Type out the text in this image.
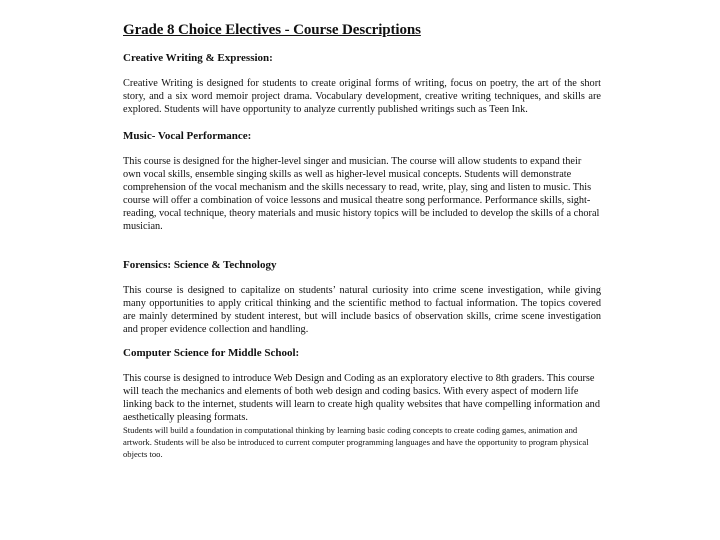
Grade 8 Choice Electives - Course Descriptions
Creative Writing & Expression:

Creative Writing is designed for students to create original forms of writing, focus on poetry, the art of the short story, and a six word memoir project drama. Vocabulary development, creative writing techniques, and skills are explored. Students will have opportunity to analyze currently published writings such as Teen Ink.

Music- Vocal Performance:

This course is designed for the higher-level singer and musician. The course will allow students to expand their own vocal skills, ensemble singing skills as well as higher-level musical concepts. Students will demonstrate comprehension of the vocal mechanism and the skills necessary to read, write, play, sing and listen to music. This course will offer a combination of voice lessons and musical theatre song performance. Performance skills, sight-reading, vocal technique, theory materials and music history topics will be included to develop the skills of a choral musician.

Forensics: Science & Technology

This course is designed to capitalize on students’ natural curiosity into crime scene investigation, while giving many opportunities to apply critical thinking and the scientific method to factual information. The topics covered are mainly determined by student interest, but will include basics of observation skills, crime scene investigation and proper evidence collection and handling.

Computer Science for Middle School:

This course is designed to introduce Web Design and Coding as an exploratory elective to 8th graders. This course will teach the mechanics and elements of both web design and coding basics. With every aspect of modern life linking back to the internet, students will learn to create high quality websites that have compelling information and aesthetically pleasing formats.

Students will build a foundation in computational thinking by learning basic coding concepts to create coding games, animation and artwork. Students will be also be introduced to current computer programming languages and have the opportunity to program physical objects too.
